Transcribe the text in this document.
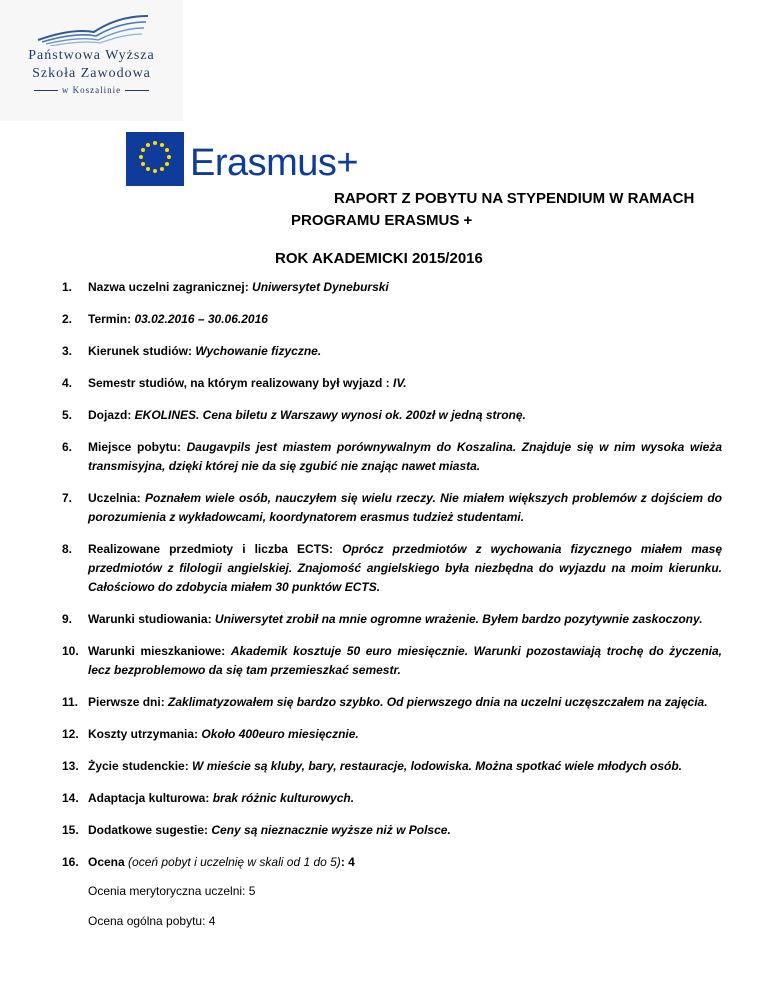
Państwowa Wyższa
Szkoła Zawodowa
w Koszalinie
Erasmus+
RAPORT Z POBYTU NA STYPENDIUM W RAMACH
PROGRAMU ERASMUS +
ROK AKADEMICKI 2015/2016
1. Nazwa uczelni zagranicznej: Uniwersytet Dyneburski
2. Termin: 03.02.2016 – 30.06.2016
3. Kierunek studiów: Wychowanie fizyczne.
4. Semestr studiów, na którym realizowany był wyjazd : IV.
5. Dojazd: EKOLINES. Cena biletu z Warszawy wynosi ok. 200zł w jedną stronę.
6. Miejsce pobytu: Daugavpils jest miastem porównywalnym do Koszalina. Znajduje się w nim wysoka wieża transmisyjna, dzięki której nie da się zgubić nie znając nawet miasta.
7. Uczelnia: Poznałem wiele osób, nauczyłem się wielu rzeczy. Nie miałem większych problemów z dojściem do porozumienia z wykładowcami, koordynatorem erasmus tudzież studentami.
8. Realizowane przedmioty i liczba ECTS: Oprócz przedmiotów z wychowania fizycznego miałem masę przedmiotów z filologii angielskiej. Znajomość angielskiego była niezbędna do wyjazdu na moim kierunku. Całościowo do zdobycia miałem 30 punktów ECTS.
9. Warunki studiowania: Uniwersytet zrobił na mnie ogromne wrażenie. Byłem bardzo pozytywnie zaskoczony.
10. Warunki mieszkaniowe: Akademik kosztuje 50 euro miesięcznie. Warunki pozostawiają trochę do życzenia, lecz bezproblemowo da się tam przemieszkać semestr.
11. Pierwsze dni: Zaklimatyzowałem się bardzo szybko. Od pierwszego dnia na uczelni uczęszczałem na zajęcia.
12. Koszty utrzymania: Około 400euro miesięcznie.
13. Życie studenckie: W mieście są kluby, bary, restauracje, lodowiska. Można spotkać wiele młodych osób.
14. Adaptacja kulturowa: brak różnic kulturowych.
15. Dodatkowe sugestie: Ceny są nieznacznie wyższe niż w Polsce.
16. Ocena (oceń pobyt i uczelnię w skali od 1 do 5): 4
Ocenia merytoryczna uczelni: 5
Ocena ogólna pobytu: 4
